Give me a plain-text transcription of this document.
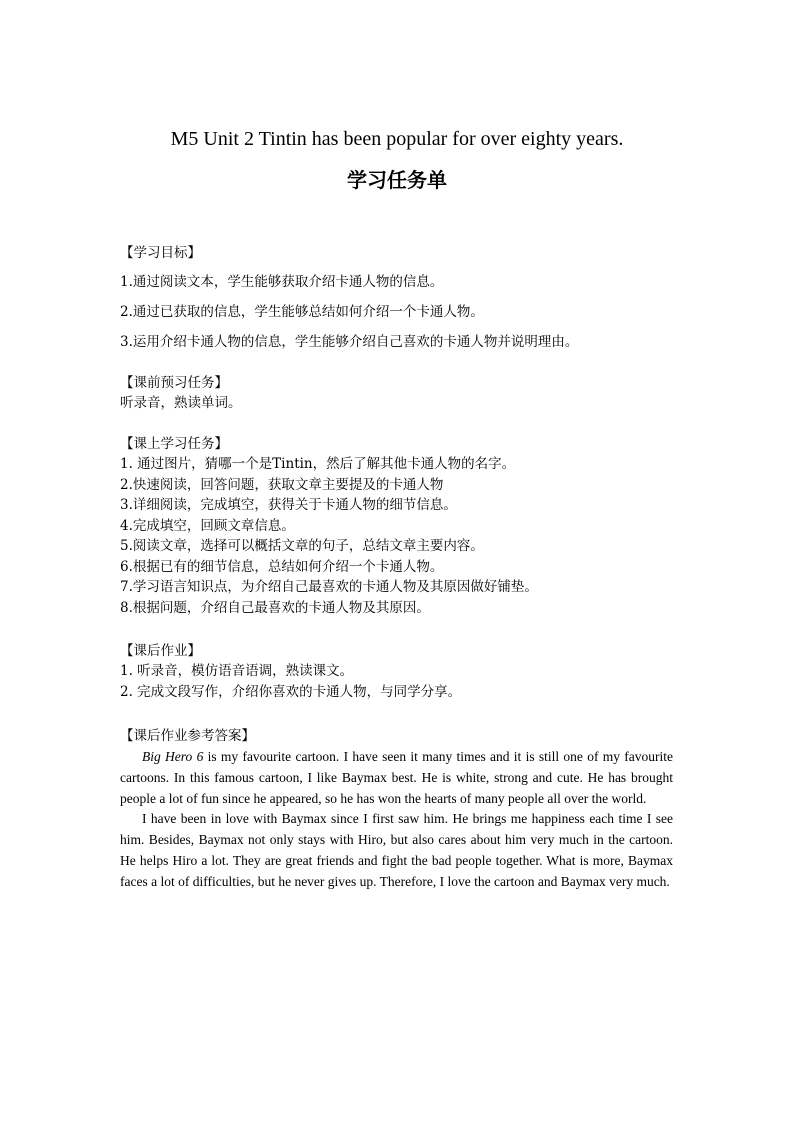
M5 Unit 2 Tintin has been popular for over eighty years.
学习任务单
【学习目标】
1.通过阅读文本，学生能够获取介绍卡通人物的信息。
2.通过已获取的信息，学生能够总结如何介绍一个卡通人物。
3.运用介绍卡通人物的信息，学生能够介绍自己喜欢的卡通人物并说明理由。
【课前预习任务】
听录音，熟读单词。
【课上学习任务】
1. 通过图片，猜哪一个是Tintin，然后了解其他卡通人物的名字。
2.快速阅读，回答问题，获取文章主要提及的卡通人物
3.详细阅读，完成填空，获得关于卡通人物的细节信息。
4.完成填空，回顾文章信息。
5.阅读文章，选择可以概括文章的句子，总结文章主要内容。
6.根据已有的细节信息，总结如何介绍一个卡通人物。
7.学习语言知识点，为介绍自己最喜欢的卡通人物及其原因做好铺垫。
8.根据问题，介绍自己最喜欢的卡通人物及其原因。
【课后作业】
1. 听录音，模仿语音语调，熟读课文。
2. 完成文段写作，介绍你喜欢的卡通人物，与同学分享。
【课后作业参考答案】

Big Hero 6 is my favourite cartoon. I have seen it many times and it is still one of my favourite cartoons. In this famous cartoon, I like Baymax best. He is white, strong and cute. He has brought people a lot of fun since he appeared, so he has won the hearts of many people all over the world.

I have been in love with Baymax since I first saw him. He brings me happiness each time I see him. Besides, Baymax not only stays with Hiro, but also cares about him very much in the cartoon. He helps Hiro a lot. They are great friends and fight the bad people together. What is more, Baymax faces a lot of difficulties, but he never gives up. Therefore, I love the cartoon and Baymax very much.
